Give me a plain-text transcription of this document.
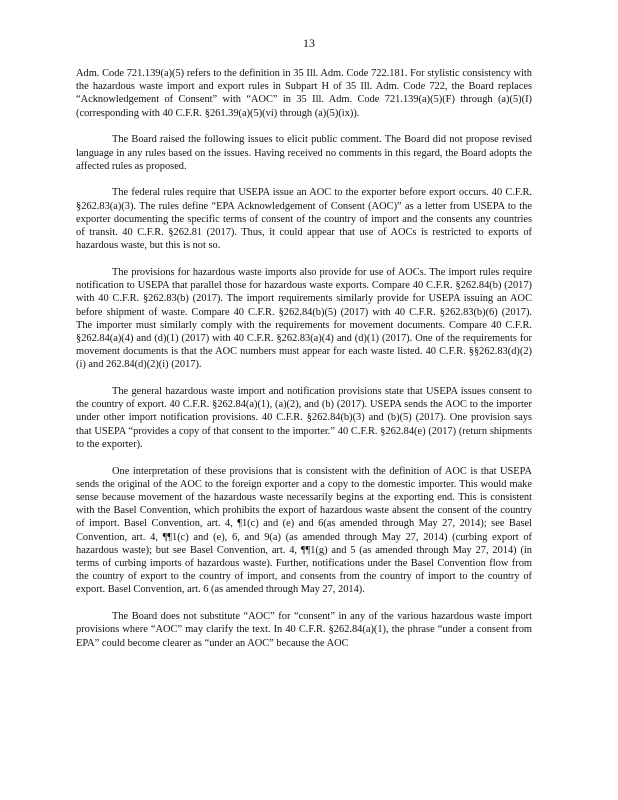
13

Adm. Code 721.139(a)(5) refers to the definition in 35 Ill. Adm. Code 722.181. For stylistic consistency with the hazardous waste import and export rules in Subpart H of 35 Ill. Adm. Code 722, the Board replaces “Acknowledgement of Consent” with “AOC” in 35 Ill. Adm. Code 721.139(a)(5)(F) through (a)(5)(I) (corresponding with 40 C.F.R. §261.39(a)(5)(vi) through (a)(5)(ix)).

The Board raised the following issues to elicit public comment. The Board did not propose revised language in any rules based on the issues. Having received no comments in this regard, the Board adopts the affected rules as proposed.

The federal rules require that USEPA issue an AOC to the exporter before export occurs. 40 C.F.R. §262.83(a)(3). The rules define “EPA Acknowledgement of Consent (AOC)” as a letter from USEPA to the exporter documenting the specific terms of consent of the country of import and the consents any countries of transit. 40 C.F.R. §262.81 (2017). Thus, it could appear that use of AOCs is restricted to exports of hazardous waste, but this is not so.

The provisions for hazardous waste imports also provide for use of AOCs. The import rules require notification to USEPA that parallel those for hazardous waste exports. Compare 40 C.F.R. §262.84(b) (2017) with 40 C.F.R. §262.83(b) (2017). The import requirements similarly provide for USEPA issuing an AOC before shipment of waste. Compare 40 C.F.R. §262.84(b)(5) (2017) with 40 C.F.R. §262.83(b)(6) (2017). The importer must similarly comply with the requirements for movement documents. Compare 40 C.F.R. §262.84(a)(4) and (d)(1) (2017) with 40 C.F.R. §262.83(a)(4) and (d)(1) (2017). One of the requirements for movement documents is that the AOC numbers must appear for each waste listed. 40 C.F.R. §§262.83(d)(2)(i) and 262.84(d)(2)(i) (2017).

The general hazardous waste import and notification provisions state that USEPA issues consent to the country of export. 40 C.F.R. §262.84(a)(1), (a)(2), and (b) (2017). USEPA sends the AOC to the importer under other import notification provisions. 40 C.F.R. §262.84(b)(3) and (b)(5) (2017). One provision says that USEPA “provides a copy of that consent to the importer.” 40 C.F.R. §262.84(e) (2017) (return shipments to the exporter).

One interpretation of these provisions that is consistent with the definition of AOC is that USEPA sends the original of the AOC to the foreign exporter and a copy to the domestic importer. This would make sense because movement of the hazardous waste necessarily begins at the exporting end. This is consistent with the Basel Convention, which prohibits the export of hazardous waste absent the consent of the country of import. Basel Convention, art. 4, ¶1(c) and (e) and 6(as amended through May 27, 2014); see Basel Convention, art. 4, ¶¶1(c) and (e), 6, and 9(a) (as amended through May 27, 2014) (curbing export of hazardous waste); but see Basel Convention, art. 4, ¶¶1(g) and 5 (as amended through May 27, 2014) (in terms of curbing imports of hazardous waste). Further, notifications under the Basel Convention flow from the country of export to the country of import, and consents from the country of import to the country of export. Basel Convention, art. 6 (as amended through May 27, 2014).

The Board does not substitute “AOC” for “consent” in any of the various hazardous waste import provisions where “AOC” may clarify the text. In 40 C.F.R. §262.84(a)(1), the phrase “under a consent from EPA” could become clearer as “under an AOC” because the AOC
